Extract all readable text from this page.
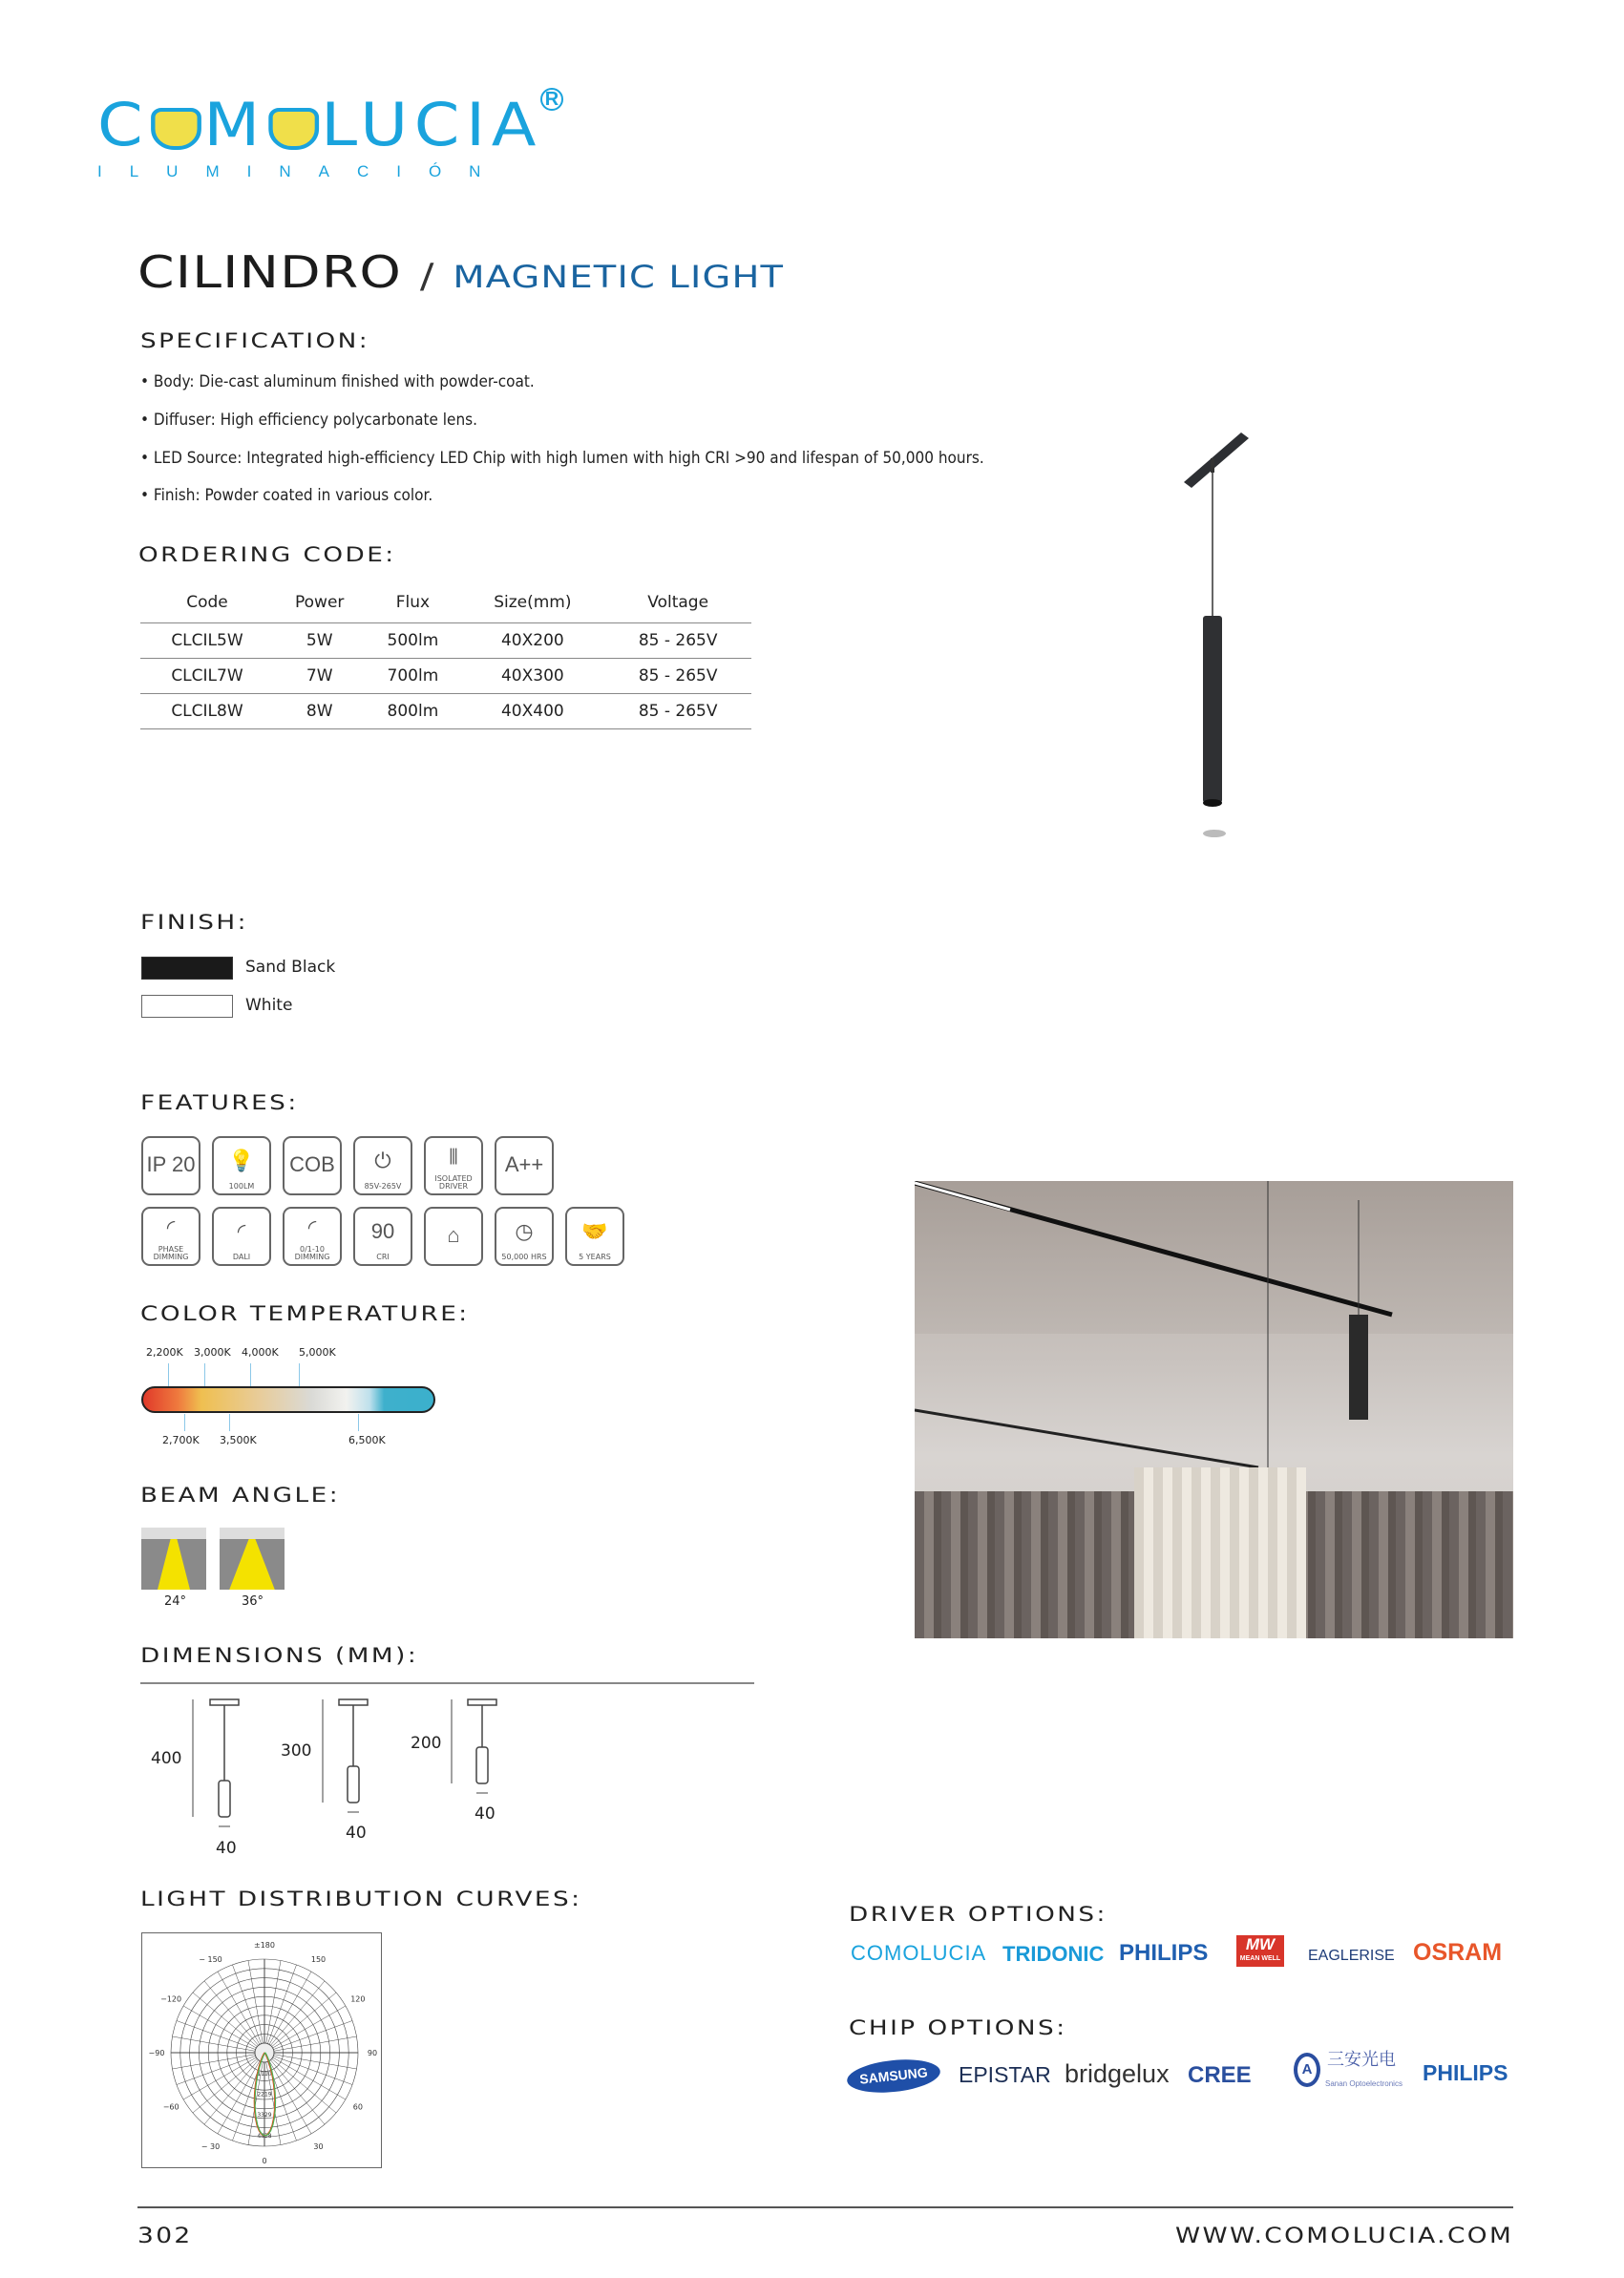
C M LUCIA R
ILUMINACIÓN
CILINDRO / MAGNETIC LIGHT
SPECIFICATION:
• Body: Die-cast aluminum finished with powder-coat.
• Diffuser: High efficiency polycarbonate lens.
• LED Source: Integrated high-efficiency LED Chip with high lumen with high CRI >90 and lifespan of 50,000 hours.
• Finish: Powder coated in various color.
ORDERING CODE:
Code	Power	Flux	Size(mm)	Voltage
CLCIL5W	5W	500lm	40X200	85 - 265V
CLCIL7W	7W	700lm	40X300	85 - 265V
CLCIL8W	8W	800lm	40X400	85 - 265V
FINISH:
Sand Black
White
FEATURES:
IP 20 💡
100LM
COB ⏻
85V-265V
⫴
ISOLATED DRIVER
A++
◜
PHASE DIMMING
◜
DALI
◜
0/1-10 DIMMING
90
CRI
⌂	◷
50,000 HRS
🤝
5 YEARS
COLOR TEMPERATURE:
2,200K 3,000K 4,000K 5,000K
2,700K 3,500K	6,500K
BEAM ANGLE:
24°	36°
DIMENSIONS (MM):
400
40
300
40
200
40
LIGHT DISTRIBUTION CURVES:
±180
150
120
90
60
30
0
− 30
−60
−90
−120
− 150
1110
2219
3329
4438
DRIVER OPTIONS:
COMOLUCIA TRIDONIC PHILIPS	MW
MEAN WELL EAGLERISE OSRAM
CHIP OPTIONS:
SAMSUNG	EPISTAR bridgelux CREE	A
三安光电
Sanan Optoelectronics PHILIPS
302	WWW.COMOLUCIA.COM
